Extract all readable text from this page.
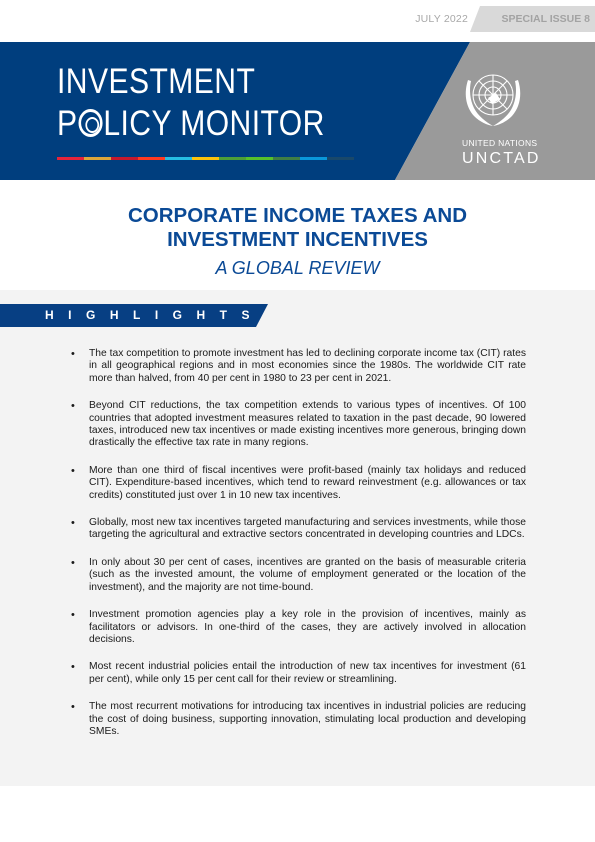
JULY 2022	SPECIAL ISSUE 8
INVESTMENT
P LICY MONITOR	UNITED NATIONS
UNCTAD
CORPORATE INCOME TAXES AND
INVESTMENT INCENTIVES
A GLOBAL REVIEW
HIGHLIGHTS
• The tax competition to promote investment has led to declining corporate income tax (CIT) rates in all geographical regions and in most economies since the 1980s. The worldwide CIT rate more than halved, from 40 per cent in 1980 to 23 per cent in 2021.
• Beyond CIT reductions, the tax competition extends to various types of incentives. Of 100 countries that adopted investment measures related to taxation in the past decade, 90 lowered taxes, introduced new tax incentives or made existing incentives more generous, bringing down drastically the effective tax rate in many regions.
• More than one third of fiscal incentives were profit-based (mainly tax holidays and reduced CIT). Expenditure-based incentives, which tend to reward reinvestment (e.g. allowances or tax credits) constituted just over 1 in 10 new tax incentives.
• Globally, most new tax incentives targeted manufacturing and services investments, while those targeting the agricultural and extractive sectors concentrated in developing countries and LDCs.
• In only about 30 per cent of cases, incentives are granted on the basis of measurable criteria (such as the invested amount, the volume of employment generated or the location of the investment), and the majority are not time-bound.
• Investment promotion agencies play a key role in the provision of incentives, mainly as facilitators or advisors. In one-third of the cases, they are actively involved in allocation decisions.
• Most recent industrial policies entail the introduction of new tax incentives for investment (61 per cent), while only 15 per cent call for their review or streamlining.
• The most recurrent motivations for introducing tax incentives in industrial policies are reducing the cost of doing business, supporting innovation, stimulating local production and developing SMEs.
